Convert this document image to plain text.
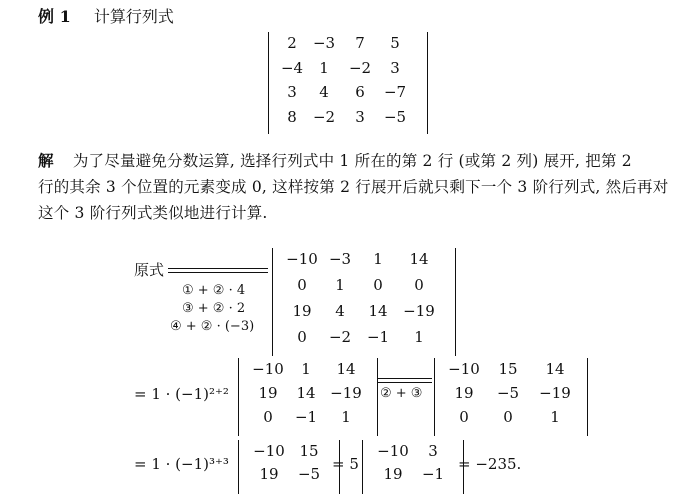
例 1 计算行列式
2	−3	7	5
−4	1	−2	3
3	4	6	−7
8	−2	3	−5
解 为了尽量避免分数运算, 选择行列式中 1 所在的第 2 行 (或第 2 列) 展开, 把第 2
行的其余 3 个位置的元素变成 0, 这样按第 2 行展开后就只剩下一个 3 阶行列式, 然后再对
这个 3 阶行列式类似地进行计算.
原式
① + ② · 4
③ + ② · 2
④ + ② · (−3)
−10 −3	1	14
0	1	0	0
19	4	14	−19
0	−2	−1	1
= 1 · (−1)²⁺²
−10	1	14
19	14 −19
0	−1	1
② + ③
−10	15	14
19	−5	−19
0	0	1
= 1 · (−1)³⁺³
−10 15
19	−5
= 5
−10	3
19	−1
= −235.
